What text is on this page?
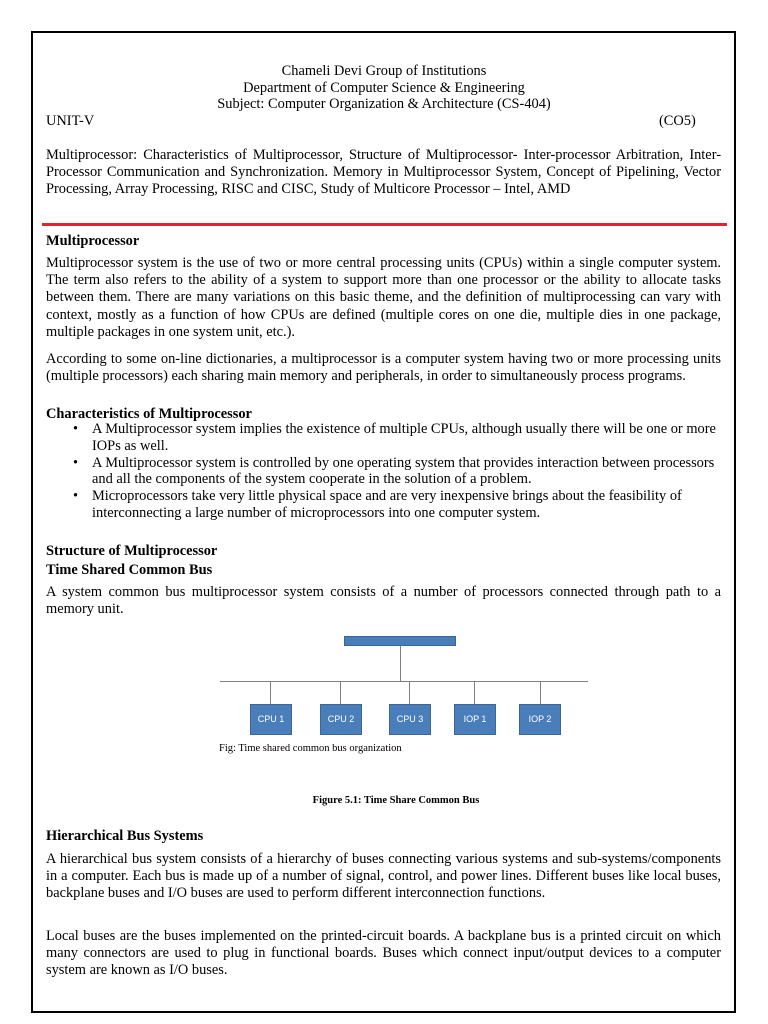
Chameli Devi Group of Institutions
Department of Computer Science & Engineering
Subject: Computer Organization & Architecture (CS-404)
UNIT-V	(CO5)

Multiprocessor: Characteristics of Multiprocessor, Structure of Multiprocessor- Inter-processor Arbitration, Inter-Processor Communication and Synchronization. Memory in Multiprocessor System, Concept of Pipelining, Vector Processing, Array Processing, RISC and CISC, Study of Multicore Processor – Intel, AMD

Multiprocessor

Multiprocessor system is the use of two or more central processing units (CPUs) within a single computer system. The term also refers to the ability of a system to support more than one processor or the ability to allocate tasks between them. There are many variations on this basic theme, and the definition of multiprocessing can vary with context, mostly as a function of how CPUs are defined (multiple cores on one die, multiple dies in one package, multiple packages in one system unit, etc.).

According to some on-line dictionaries, a multiprocessor is a computer system having two or more processing units (multiple processors) each sharing main memory and peripherals, in order to simultaneously process programs.

Characteristics of Multiprocessor

• A Multiprocessor system implies the existence of multiple CPUs, although usually there will be one or more IOPs as well.
• A Multiprocessor system is controlled by one operating system that provides interaction between processors and all the components of the system cooperate in the solution of a problem.
• Microprocessors take very little physical space and are very inexpensive brings about the feasibility of interconnecting a large number of microprocessors into one computer system.

Structure of Multiprocessor

Time Shared Common Bus

A system common bus multiprocessor system consists of a number of processors connected through path to a memory unit.

CPU 1	CPU 2	CPU 3	IOP 1	IOP 2
Fig: Time shared common bus organization
Figure 5.1: Time Share Common Bus

Hierarchical Bus Systems

A hierarchical bus system consists of a hierarchy of buses connecting various systems and sub-systems/components in a computer. Each bus is made up of a number of signal, control, and power lines. Different buses like local buses, backplane buses and I/O buses are used to perform different interconnection functions.

Local buses are the buses implemented on the printed-circuit boards. A backplane bus is a printed circuit on which many connectors are used to plug in functional boards. Buses which connect input/output devices to a computer system are known as I/O buses.
